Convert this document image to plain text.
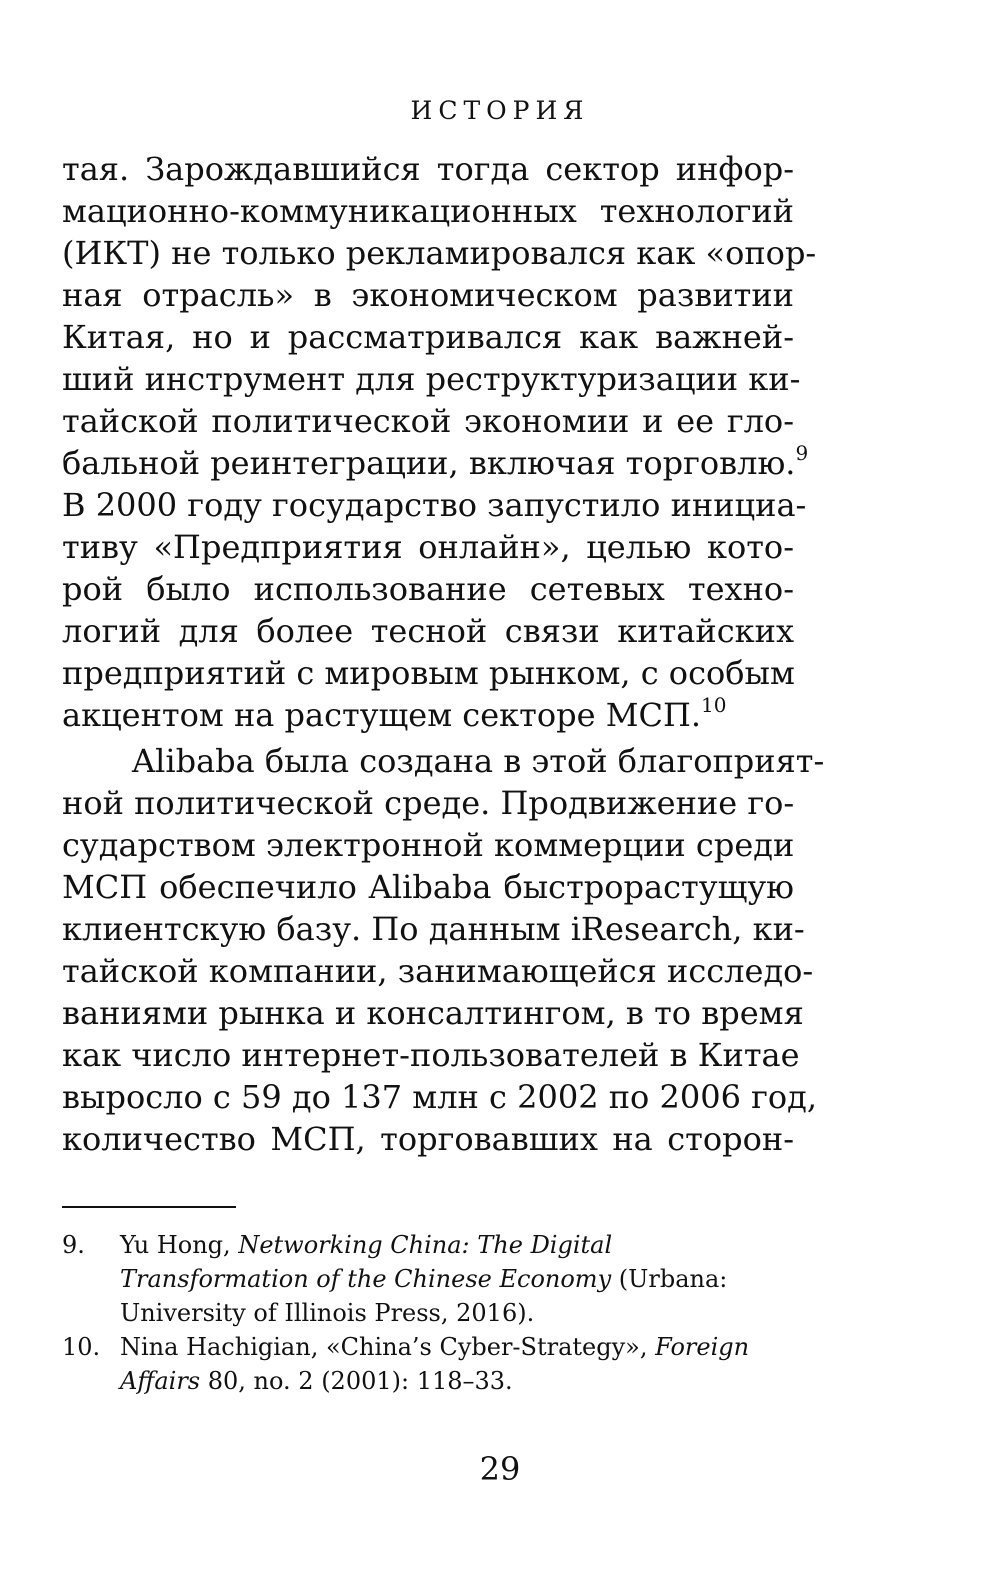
ИСТОРИЯ
тая. Зарождавшийся тогда сектор инфор-
мационно-коммуникационных технологий
(ИКТ) не только рекламировался как «опор-
ная отрасль» в экономическом развитии
Китая, но и рассматривался как важней-
ший инструмент для реструктуризации ки-
тайской политической экономии и ее гло-
бальной реинтеграции, включая торговлю.$^9$
В 2000 году государство запустило инициа-
тиву «Предприятия онлайн», целью кото-
рой было использование сетевых техно-
логий для более тесной связи китайских
предприятий с мировым рынком, с особым
акцентом на растущем секторе МСП.$^{10}$
Alibaba была создана в этой благоприят-
ной политической среде. Продвижение го-
сударством электронной коммерции среди
МСП обеспечило Alibaba быстрорастущую
клиентскую базу. По данным iResearch, ки-
тайской компании, занимающейся исследо-
ваниями рынка и консалтингом, в то время
как число интернет-пользователей в Китае
выросло с 59 до 137 млн с 2002 по 2006 год,
количество МСП, торговавших на сторон-

9. Yu Hong, Networking China: The Digital Transformation of the Chinese Economy (Urbana: University of Illinois Press, 2016).

10. Nina Hachigian, «China’s Cyber-Strategy», Foreign Affairs 80, no. 2 (2001): 118–33.

29
